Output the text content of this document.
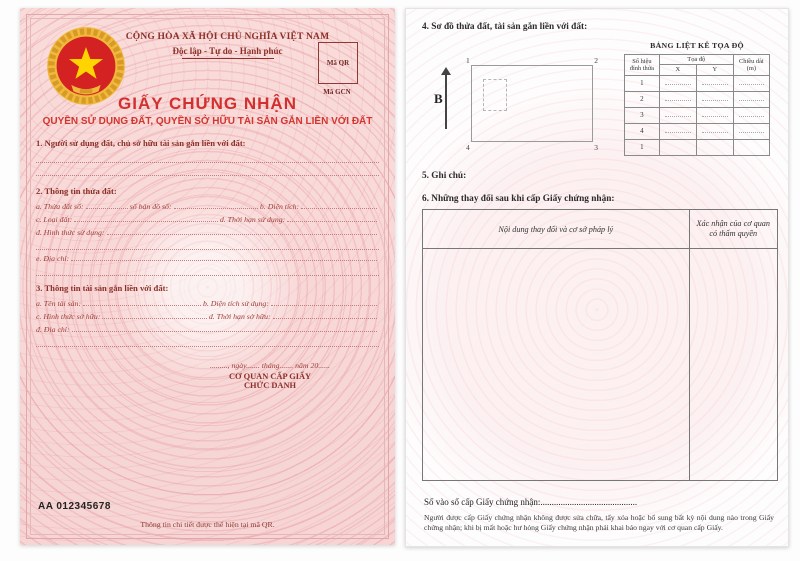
CỘNG HÒA XÃ HỘI CHỦ NGHĨA VIỆT NAM
Độc lập - Tự do - Hạnh phúc
Mã QR
Mã GCN
GIẤY CHỨNG NHẬN
QUYỀN SỬ DỤNG ĐẤT, QUYỀN SỞ HỮU TÀI SẢN GẮN LIỀN VỚI ĐẤT
1. Người sử dụng đất, chủ sở hữu tài sản gắn liền với đất:
2. Thông tin thửa đất:
a. Thửa đất số:	số bản đồ số:	b. Diện tích:
c. Loại đất:	d. Thời hạn sử dụng:
đ. Hình thức sử dụng:
e. Địa chỉ:
3. Thông tin tài sản gắn liền với đất:
a. Tên tài sản:	b. Diện tích sử dụng:
c. Hình thức sở hữu:	d. Thời hạn sở hữu:
đ. Địa chỉ:
........., ngày....... tháng....... năm 20......
CƠ QUAN CẤP GIẤY
CHỨC DANH
AA 012345678
Thông tin chi tiết được thể hiện tại mã QR.
4. Sơ đồ thửa đất, tài sản gắn liền với đất:
B
1	2
3
4
BẢNG LIỆT KÊ TỌA ĐỘ
Số hiệu đỉnh thửa	Tọa độ		Chiều dài (m)
	X	Y	
1			
2			
3			
4			
1			
5. Ghi chú:
6. Những thay đổi sau khi cấp Giấy chứng nhận:
Nội dung thay đổi và cơ sở pháp lý
Xác nhận của cơ quan có thẩm quyền
Số vào sổ cấp Giấy chứng nhận:...........................................
Người được cấp Giấy chứng nhận không được sửa chữa, tẩy xóa hoặc bổ sung bất kỳ nội dung nào trong Giấy chứng nhận; khi bị mất hoặc hư hỏng Giấy chứng nhận phải khai báo ngay với cơ quan cấp Giấy.
